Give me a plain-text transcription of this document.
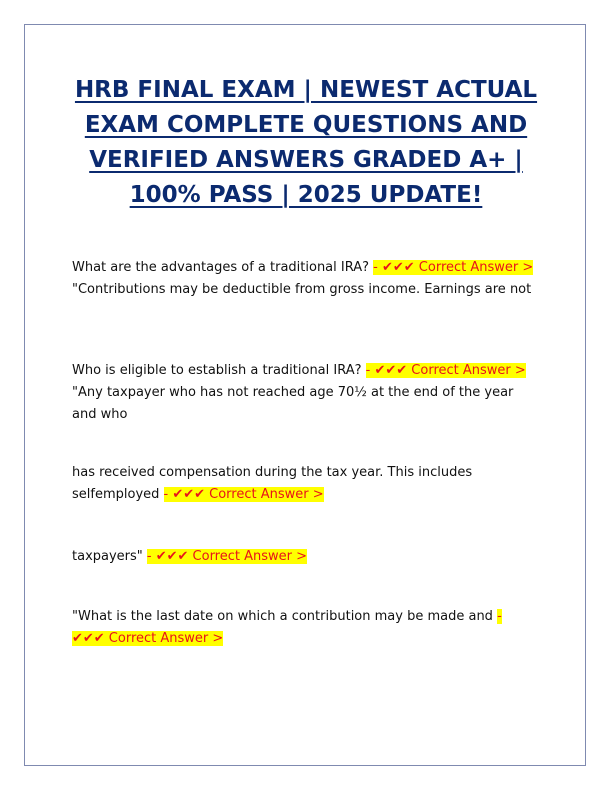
HRB FINAL EXAM | NEWEST ACTUAL EXAM COMPLETE QUESTIONS AND VERIFIED ANSWERS GRADED A+ | 100% PASS | 2025 UPDATE!

What are the advantages of a traditional IRA? - ✔✔✔ Correct Answer > "Contributions may be deductible from gross income. Earnings are not

Who is eligible to establish a traditional IRA? - ✔✔✔ Correct Answer > "Any taxpayer who has not reached age 70½ at the end of the year and who

has received compensation during the tax year. This includes selfemployed - ✔✔✔ Correct Answer >

taxpayers" - ✔✔✔ Correct Answer >

"What is the last date on which a contribution may be made and - ✔✔✔ Correct Answer >
